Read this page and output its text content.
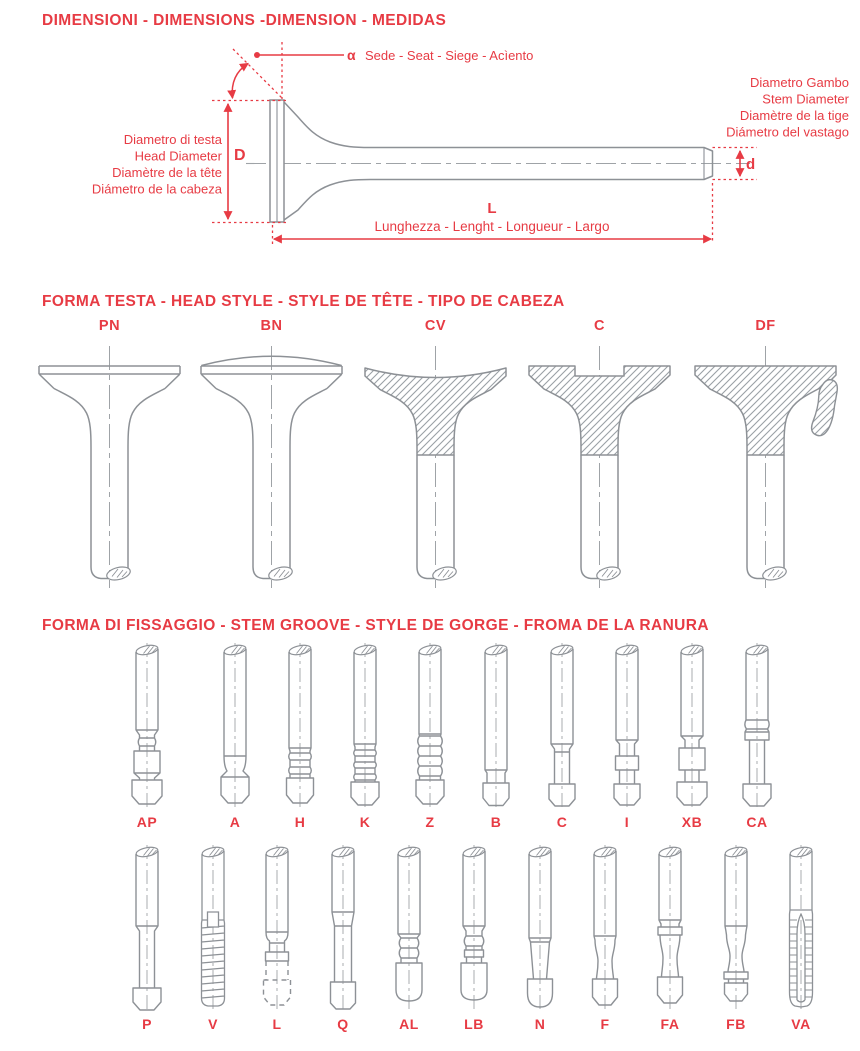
DIMENSIONI - DIMENSIONS -DIMENSION - MEDIDAS
α Sede - Seat - Siege - Acìento
D
Diametro di testa
Head Diameter
Diamètre de la tête
Diámetro de la cabeza
d
Diametro Gambo
Stem Diameter
Diamètre de la tige
Diámetro del vastago
L
Lunghezza - Lenght - Longueur - Largo
FORMA TESTA - HEAD STYLE - STYLE DE TÊTE - TIPO DE CABEZA
PN	BN	CV	C	DF
FORMA DI FISSAGGIO - STEM GROOVE - STYLE DE GORGE - FROMA DE LA RANURA
AP	A	H	K	Z	B	C	I	XB	CA
P	V	L	Q	AL	LB	N	F	FA	FB	VA
